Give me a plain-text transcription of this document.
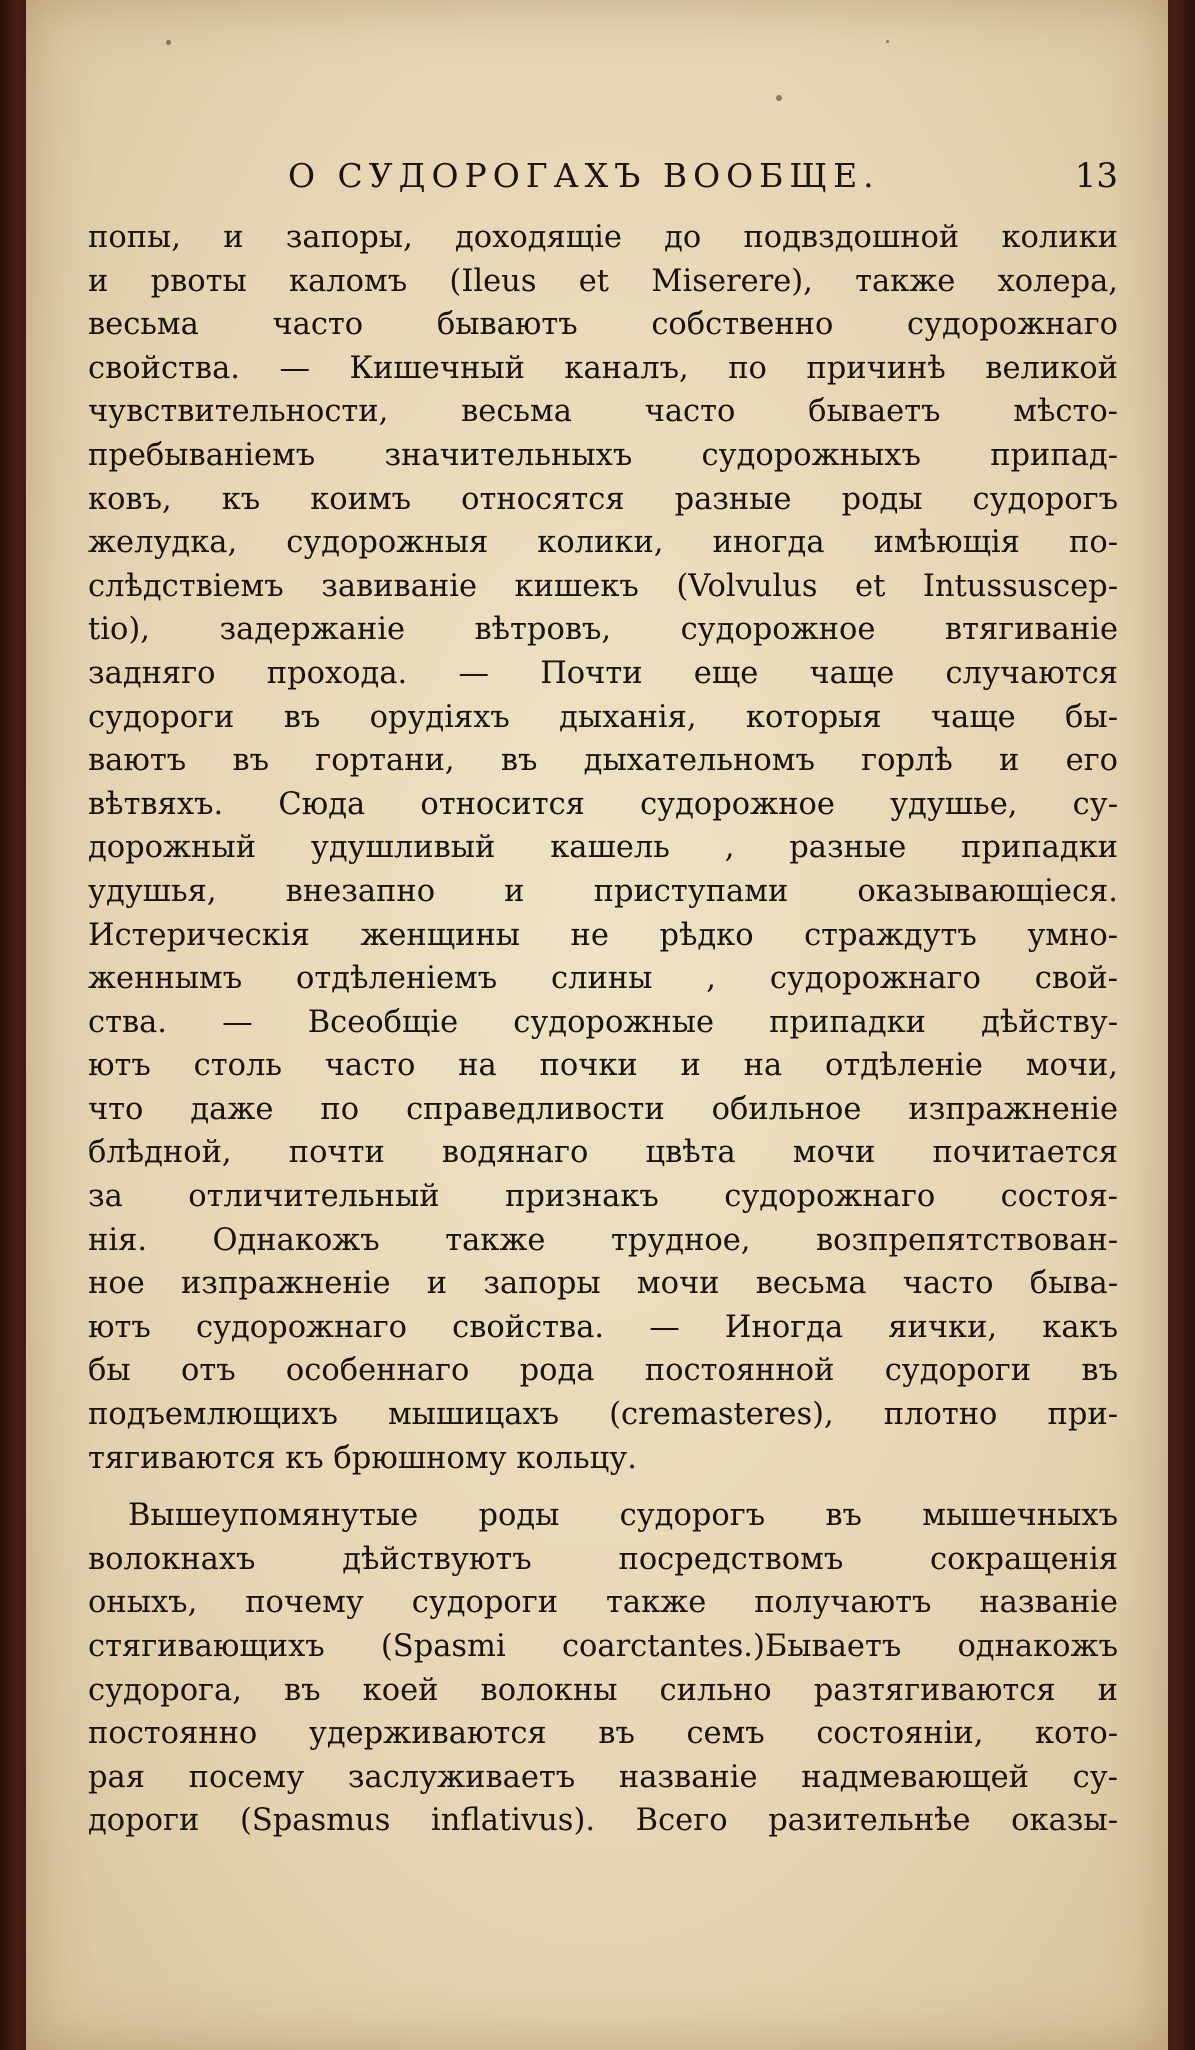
О СУДОРОГАХЪ ВООБЩЕ.	13
попы, и запоры, доходящіе до подвздошной колики
и рвоты каломъ (Ileus et Miserere), также холера,
весьма часто бываютъ собственно судорожнаго
свойства. — Кишечный каналъ, по причинѣ великой
чувствительности, весьма часто бываетъ мѣсто-
пребываніемъ значительныхъ судорожныхъ припад-
ковъ, къ коимъ относятся разные роды судорогъ
желудка, судорожныя колики, иногда имѣющія по-
слѣдствіемъ завиваніе кишекъ (Volvulus et Intussuscep-
tio), задержаніе вѣтровъ, судорожное втягиваніе
задняго прохода. — Почти еще чаще случаются
судороги въ орудіяхъ дыханія, которыя чаще бы-
ваютъ въ гортани, въ дыхательномъ горлѣ и его
вѣтвяхъ. Сюда относится судорожное удушье, су-
дорожный удушливый кашель , разные припадки
удушья, внезапно и приступами оказывающіеся.
Истерическія женщины не рѣдко страждутъ умно-
женнымъ отдѣленіемъ слины , судорожнаго свой-
ства. — Всеобщіе судорожные припадки дѣйству-
ютъ столь часто на почки и на отдѣленіе мочи,
что даже по справедливости обильное изпражненіе
блѣдной, почти водянаго цвѣта мочи почитается
за отличительный признакъ судорожнаго состоя-
нія. Однакожъ также трудное, возпрепятствован-
ное изпражненіе и запоры мочи весьма часто быва-
ютъ судорожнаго свойства. — Иногда яички, какъ
бы отъ особеннаго рода постоянной судороги въ
подъемлющихъ мышицахъ (cremasteres), плотно при-
тягиваются къ брюшному кольцу.
Вышеупомянутые роды судорогъ въ мышечныхъ
волокнахъ дѣйствуютъ посредствомъ сокращенія
оныхъ, почему судороги также получаютъ названіе
стягивающихъ (Spasmi coarctantes.)Бываетъ однакожъ
судорога, въ коей волокны сильно разтягиваются и
постоянно удерживаются въ семъ состояніи, кото-
рая посему заслуживаетъ названіе надмевающей су-
дороги (Spasmus inflativus). Всего разительнѣе оказы-
